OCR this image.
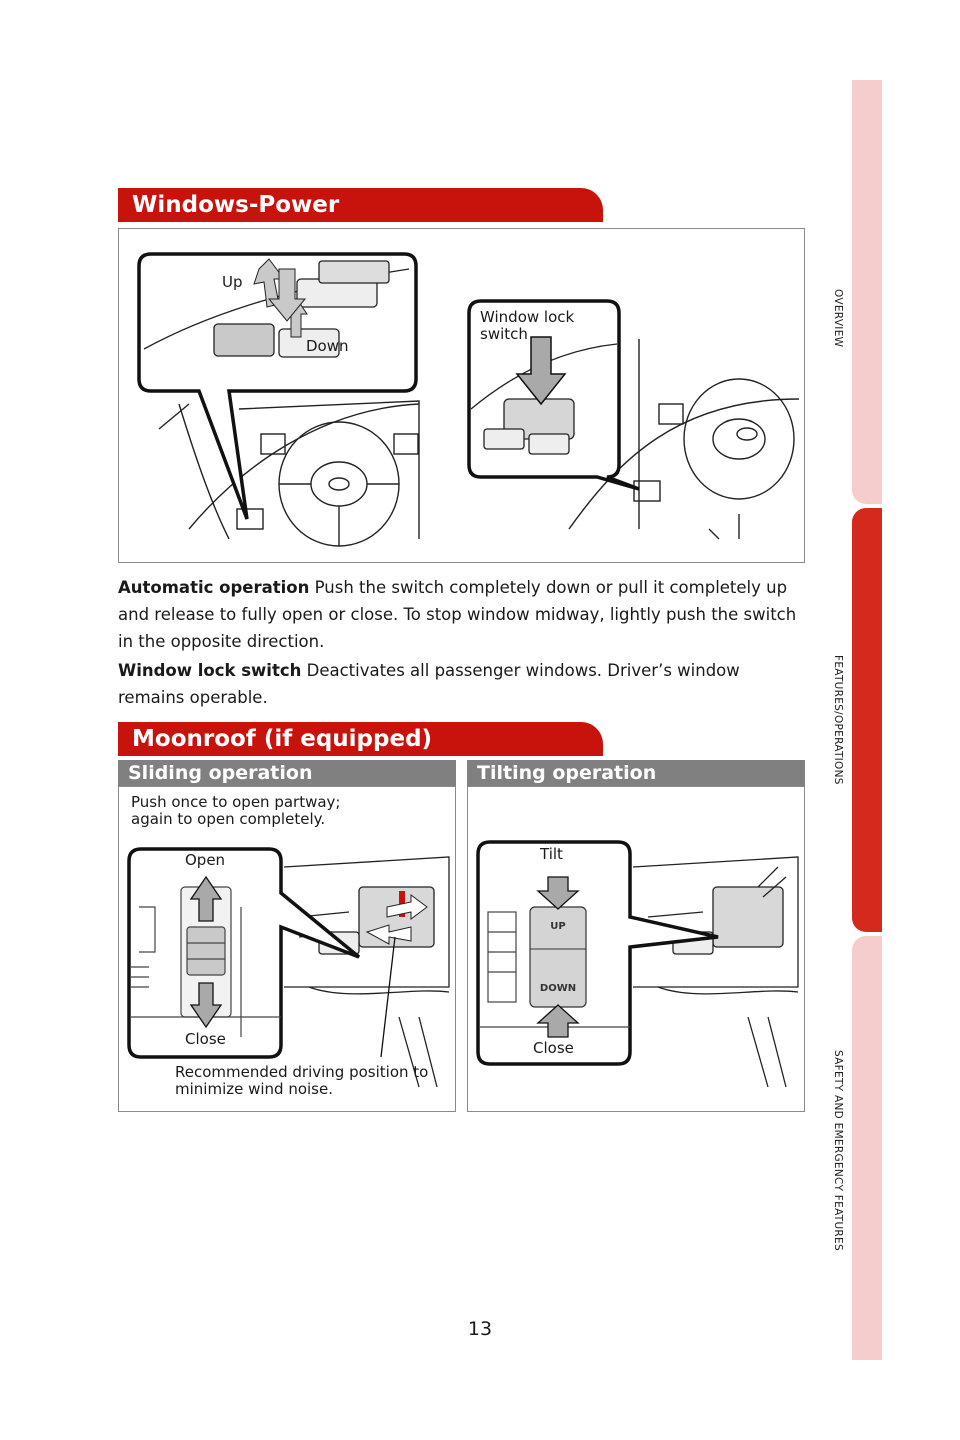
OVERVIEW
FEATURES/OPERATIONS
SAFETY AND EMERGENCY FEATURES
Windows-Power
Up
Down
Window lock
switch
Automatic operation Push the switch completely down or pull it completely up and release to fully open or close. To stop window midway, lightly push the switch in the opposite direction.
Window lock switch Deactivates all passenger windows. Driver’s window remains operable.
Moonroof (if equipped)
Sliding operation	Tilting operation
Push once to open partway;
again to open completely.
Open
Close
Recommended driving position to
minimize wind noise.
UP
DOWN
Tilt
Close
13
